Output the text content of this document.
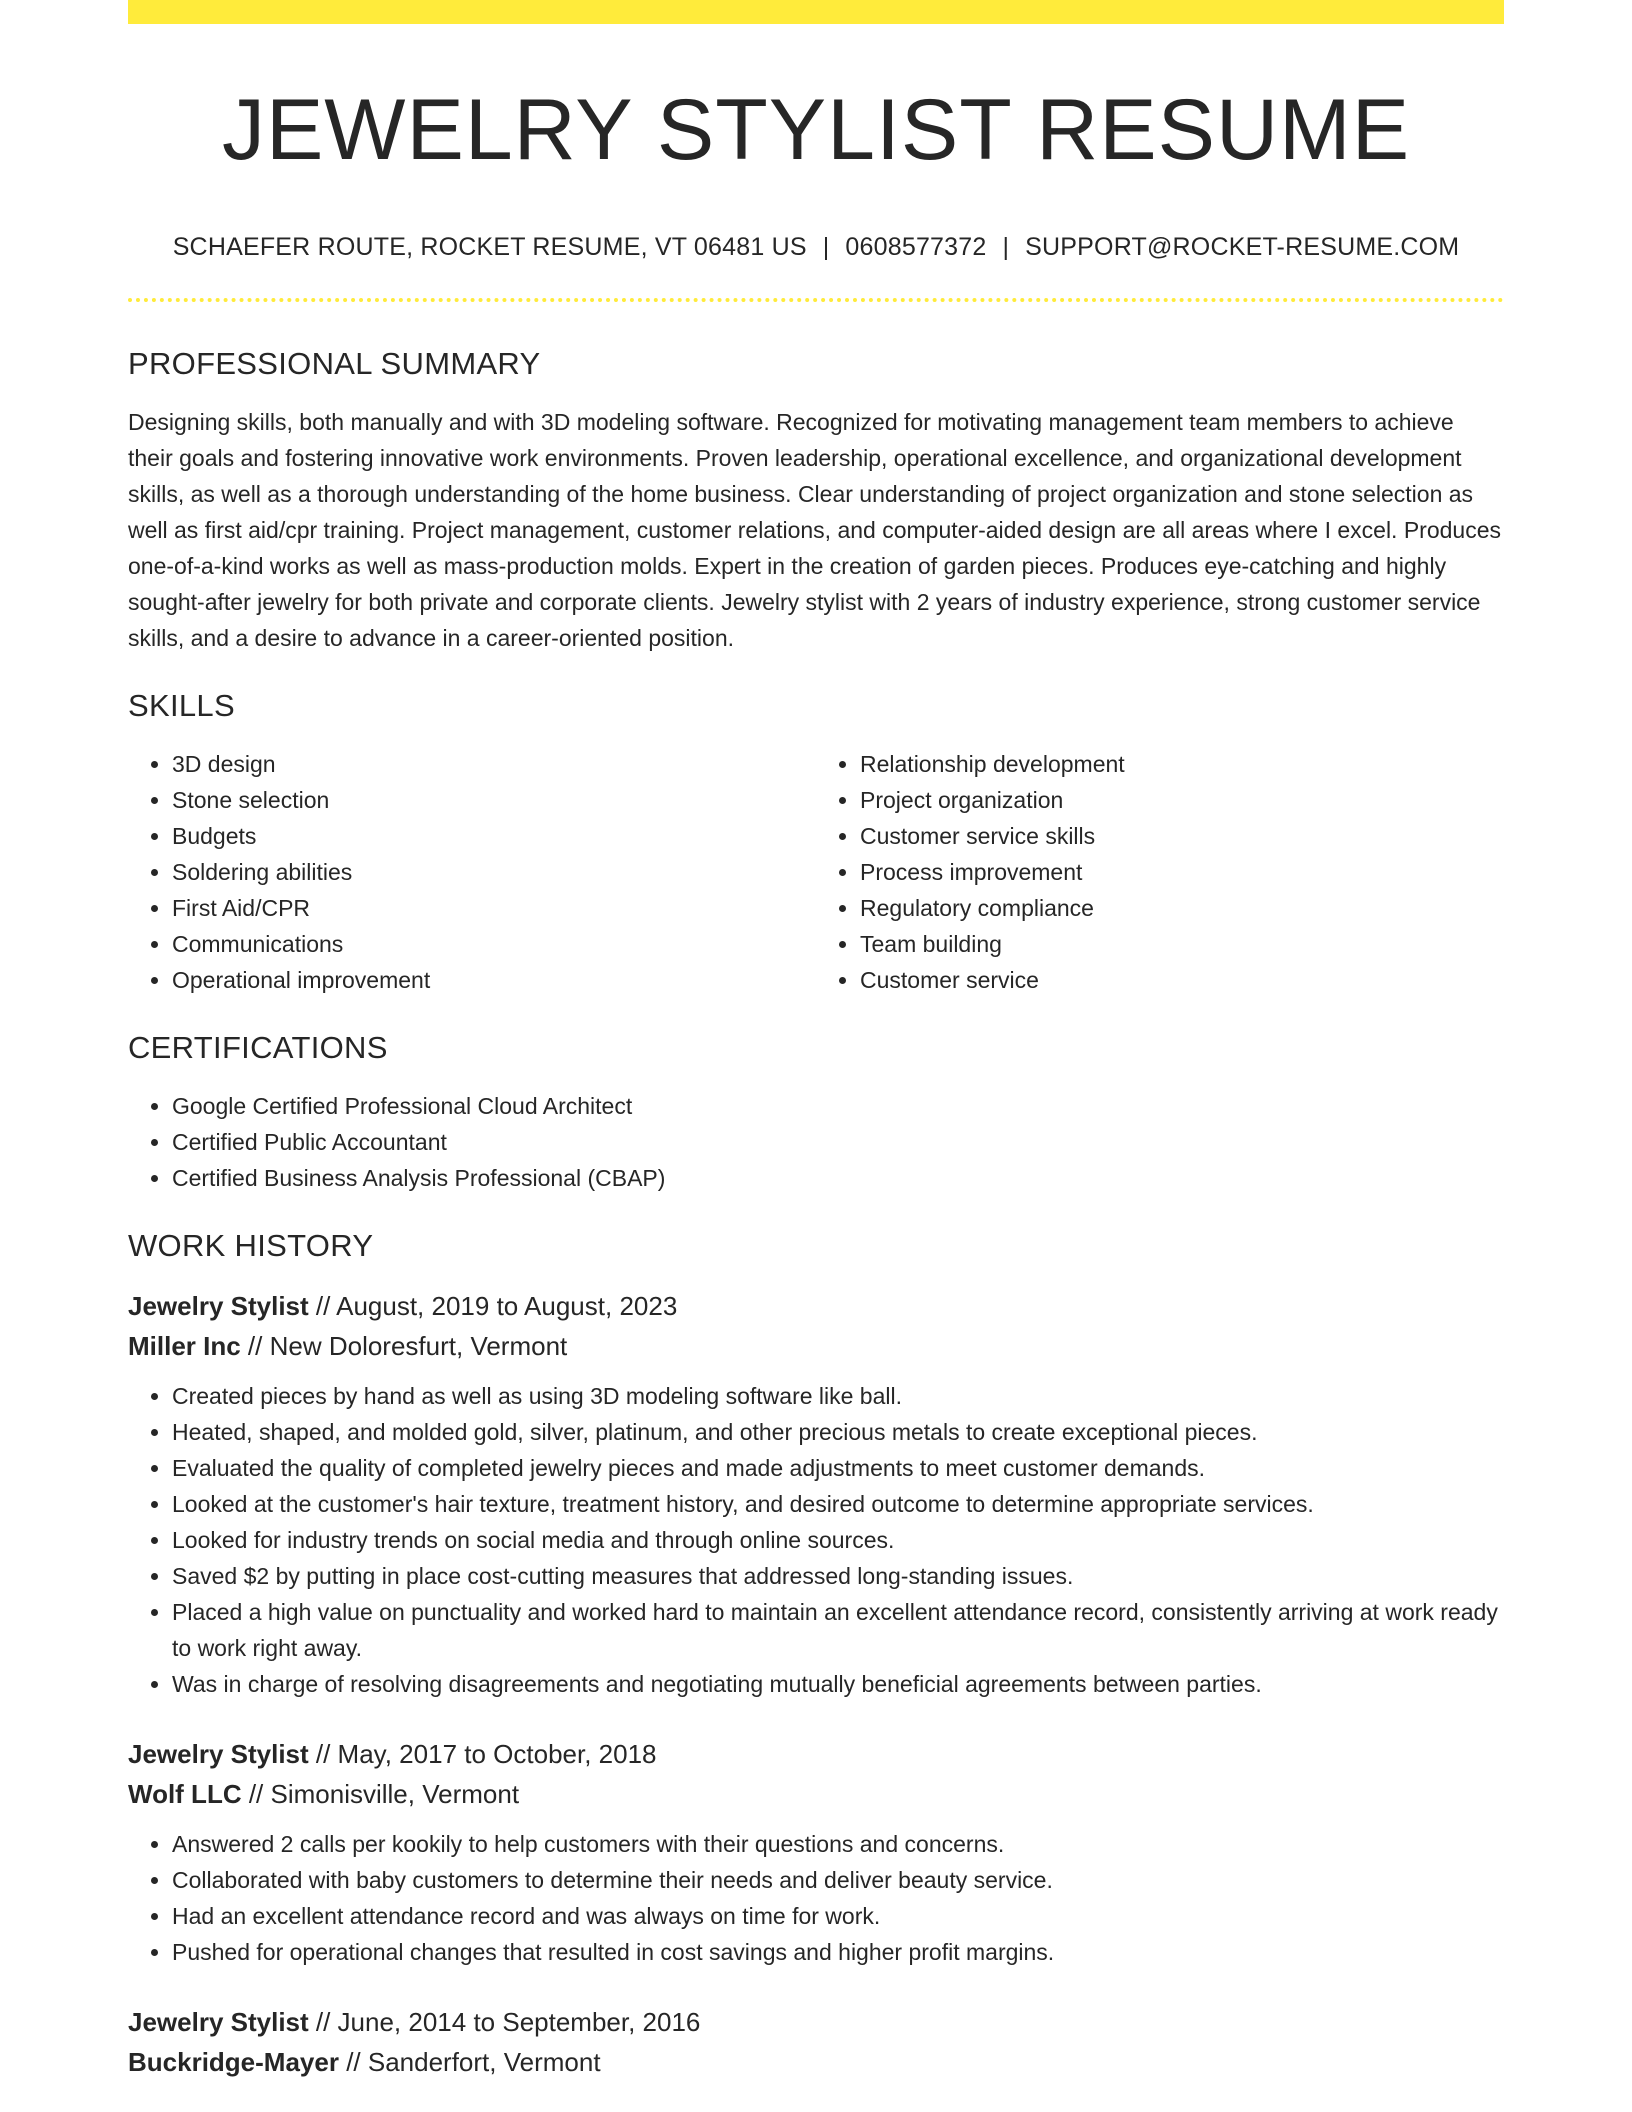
JEWELRY STYLIST RESUME
SCHAEFER ROUTE, ROCKET RESUME, VT 06481 US | 0608577372 | SUPPORT@ROCKET-RESUME.COM
PROFESSIONAL SUMMARY
Designing skills, both manually and with 3D modeling software. Recognized for motivating management team members to achieve their goals and fostering innovative work environments. Proven leadership, operational excellence, and organizational development skills, as well as a thorough understanding of the home business. Clear understanding of project organization and stone selection as well as first aid/cpr training. Project management, customer relations, and computer-aided design are all areas where I excel. Produces one-of-a-kind works as well as mass-production molds. Expert in the creation of garden pieces. Produces eye-catching and highly sought-after jewelry for both private and corporate clients. Jewelry stylist with 2 years of industry experience, strong customer service skills, and a desire to advance in a career-oriented position.
SKILLS
• 3D design
• Stone selection
• Budgets
• Soldering abilities
• First Aid/CPR
• Communications
• Operational improvement
• Relationship development
• Project organization
• Customer service skills
• Process improvement
• Regulatory compliance
• Team building
• Customer service
CERTIFICATIONS
• Google Certified Professional Cloud Architect
• Certified Public Accountant
• Certified Business Analysis Professional (CBAP)
WORK HISTORY
Jewelry Stylist // August, 2019 to August, 2023
Miller Inc // New Doloresfurt, Vermont
• Created pieces by hand as well as using 3D modeling software like ball.
• Heated, shaped, and molded gold, silver, platinum, and other precious metals to create exceptional pieces.
• Evaluated the quality of completed jewelry pieces and made adjustments to meet customer demands.
• Looked at the customer's hair texture, treatment history, and desired outcome to determine appropriate services.
• Looked for industry trends on social media and through online sources.
• Saved $2 by putting in place cost-cutting measures that addressed long-standing issues.
• Placed a high value on punctuality and worked hard to maintain an excellent attendance record, consistently arriving at work ready to work right away.
• Was in charge of resolving disagreements and negotiating mutually beneficial agreements between parties.
Jewelry Stylist // May, 2017 to October, 2018
Wolf LLC // Simonisville, Vermont
• Answered 2 calls per kookily to help customers with their questions and concerns.
• Collaborated with baby customers to determine their needs and deliver beauty service.
• Had an excellent attendance record and was always on time for work.
• Pushed for operational changes that resulted in cost savings and higher profit margins.
Jewelry Stylist // June, 2014 to September, 2016
Buckridge-Mayer // Sanderfort, Vermont
